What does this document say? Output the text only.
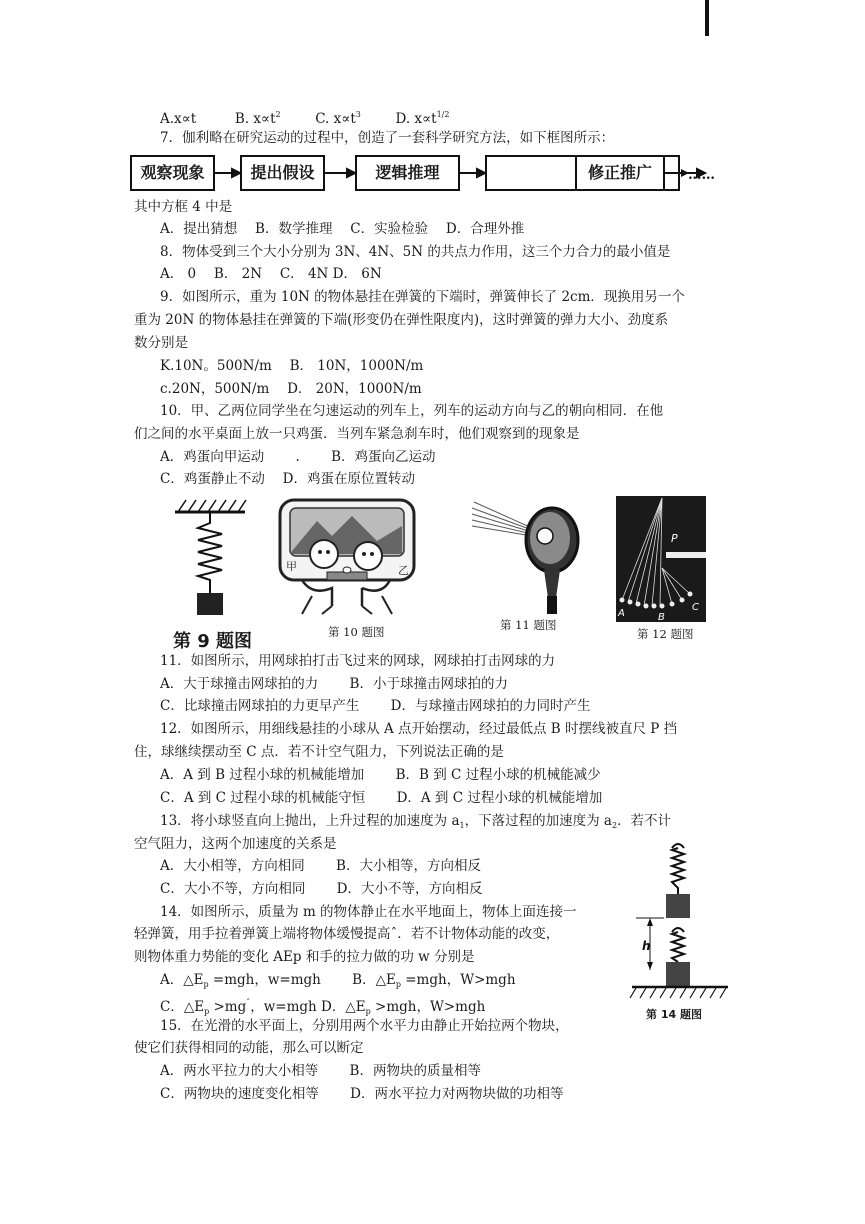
A.x∝t	B. $x\propto t^2$	C. $x\propto t^3$	D. $x\propto t^{1/2}$
7．伽利略在研究运动的过程中，创造了一套科学研究方法，如下框图所示：
观察现象	提出假设	逻辑推理	修正推广	……
其中方框 4 中是
A．提出猜想　 B．数学推理　 C．实验检验　 D．合理外推
8．物体受到三个大小分别为 3N、4N、5N 的共点力作用，这三个力合力的最小值是
A． 0　 B． 2N　 C． 4N D． 6N
9．如图所示，重为 10N 的物体悬挂在弹簧的下端时，弹簧伸长了 2cm．现换用另一个
重为 20N 的物体悬挂在弹簧的下端(形变仍在弹性限度内)，这时弹簧的弹力大小、劲度系
数分别是
K.10N。500N/m　 B． 10N，1000N/m
c.20N，500N/m　 D． 20N，1000N/m
10．甲、乙两位同学坐在匀速运动的列车上，列车的运动方向与乙的朝向相同．在他
们之间的水平桌面上放一只鸡蛋．当列车紧急刹车时，他们观察到的现象是
A．鸡蛋向甲运动　　 .　　 B．鸡蛋向乙运动
C．鸡蛋静止不动　 D．鸡蛋在原位置转动
第 9 题图
甲	乙
第 10 题图	第 11 题图
P
A	B
C
第 12 题图
11．如图所示，用网球拍打击飞过来的网球，网球拍打击网球的力
A．大于球撞击网球拍的力　　 B．小于球撞击网球拍的力
C．比球撞击网球拍的力更早产生　　 D．与球撞击网球拍的力同时产生
12．如图所示，用细线悬挂的小球从 A 点开始摆动，经过最低点 B 时摆线被直尺 P 挡
住，球继续摆动至 C 点．若不计空气阻力，下列说法正确的是
A．A 到 B 过程小球的机械能增加　　 B．B 到 C 过程小球的机械能减少
C．A 到 C 过程小球的机械能守恒　　 D．A 到 C 过程小球的机械能增加
13．将小球竖直向上抛出，上升过程的加速度为 $a_1$，下落过程的加速度为 $a_2$．若不计
空气阻力，这两个加速度的关系是
A．大小相等，方向相同　　 B．大小相等，方向相反
C．大小不等，方向相同　　 D．大小不等，方向相反
h
第 14 题图
14．如图所示，质量为 m 的物体静止在水平地面上，物体上面连接一
轻弹簧，用手拉着弹簧上端将物体缓慢提高ˆ．若不计物体动能的改变，
则物体重力势能的变化 AEp 和手的拉力做的功 w 分别是
A．$\triangle E_p =mgh$，w=mgh　　 B．$\triangle E_p =mgh$，W>mgh
C．$\triangle E_p >mg^ˆ$，w=mgh D．$\triangle E_p >mgh$，W>mgh
15．在光滑的水平面上，分别用两个水平力由静止开始拉两个物块，
使它们获得相同的动能，那么可以断定
A．两水平拉力的大小相等　　 B．两物块的质量相等
C．两物块的速度变化相等　　 D．两水平拉力对两物块做的功相等
